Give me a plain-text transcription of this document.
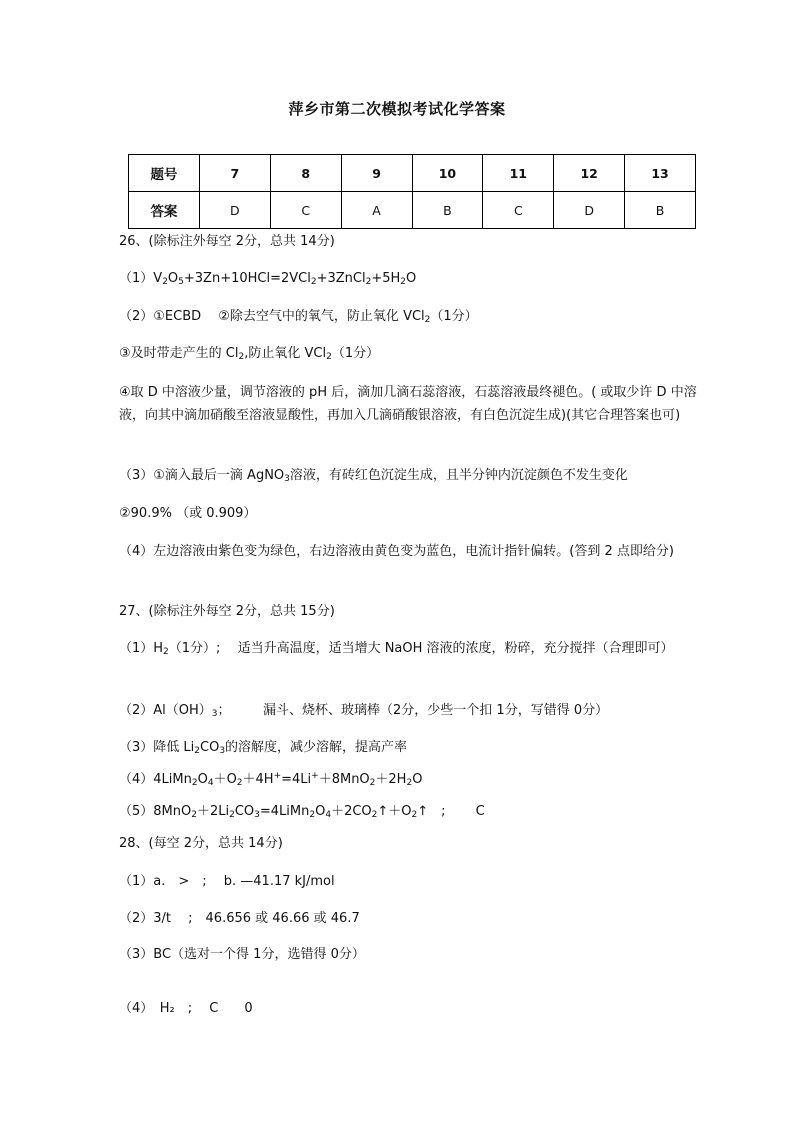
萍乡市第二次模拟考试化学答案
题号	7	8	9	10	11	12	13
答案	D	C	A	B	C	D	B
26、(除标注外每空 2分，总共 14分)
$(1)V_2O_5+3Zn+10HCl=2VCl_2+3ZnCl_2+5H_2O$
（2）①ECBD　 ②除去空气中的氧气，防止氧化 VCl$_2$（1分）
③及时带走产生的 $Cl_2$,防止氧化 VCl$_2$（1分）
④取 D 中溶液少量，调节溶液的 pH 后，滴加几滴石蕊溶液，石蕊溶液最终褪色。( 或取少许 D 中溶液，向其中滴加硝酸至溶液显酸性，再加入几滴硝酸银溶液，有白色沉淀生成)(其它合理答案也可)
（3）①滴入最后一滴 AgNO$_3$溶液，有砖红色沉淀生成，且半分钟内沉淀颜色不发生变化
②90.9% （或 0.909）
（4）左边溶液由紫色变为绿色，右边溶液由黄色变为蓝色，电流计指针偏转。(答到 2 点即给分)
27、(除标注外每空 2分，总共 15分)
$(1)H_2(1$分）;　 适当升高温度，适当增大 NaOH 溶液的浓度，粉碎，充分搅拌（合理即可）
$(2)Al(OH)_3$；　　　漏斗、烧杯、玻璃棒（2分，少些一个扣 1分，写错得 0分）
（3）降低 $Li_2CO_3$的溶解度，减少溶解，提高产率
$(4)4LiMn_2O_4+O_2+4H^+=4Li^++8MnO_2+2H_2O$
$(5)8MnO_2+2Li_2CO_3=4LiMn_2O_4+2CO_2↑+O_2↑$　;　　 C
28、(每空 2分，总共 14分)
（1）a.　>　;　 b. —41.17 kJ/mol
（2）3/t　 ;　46.656 或 46.66 或 46.7
（3）BC（选对一个得 1分，选错得 0分）
（4）　H₂　;　 C　　0
